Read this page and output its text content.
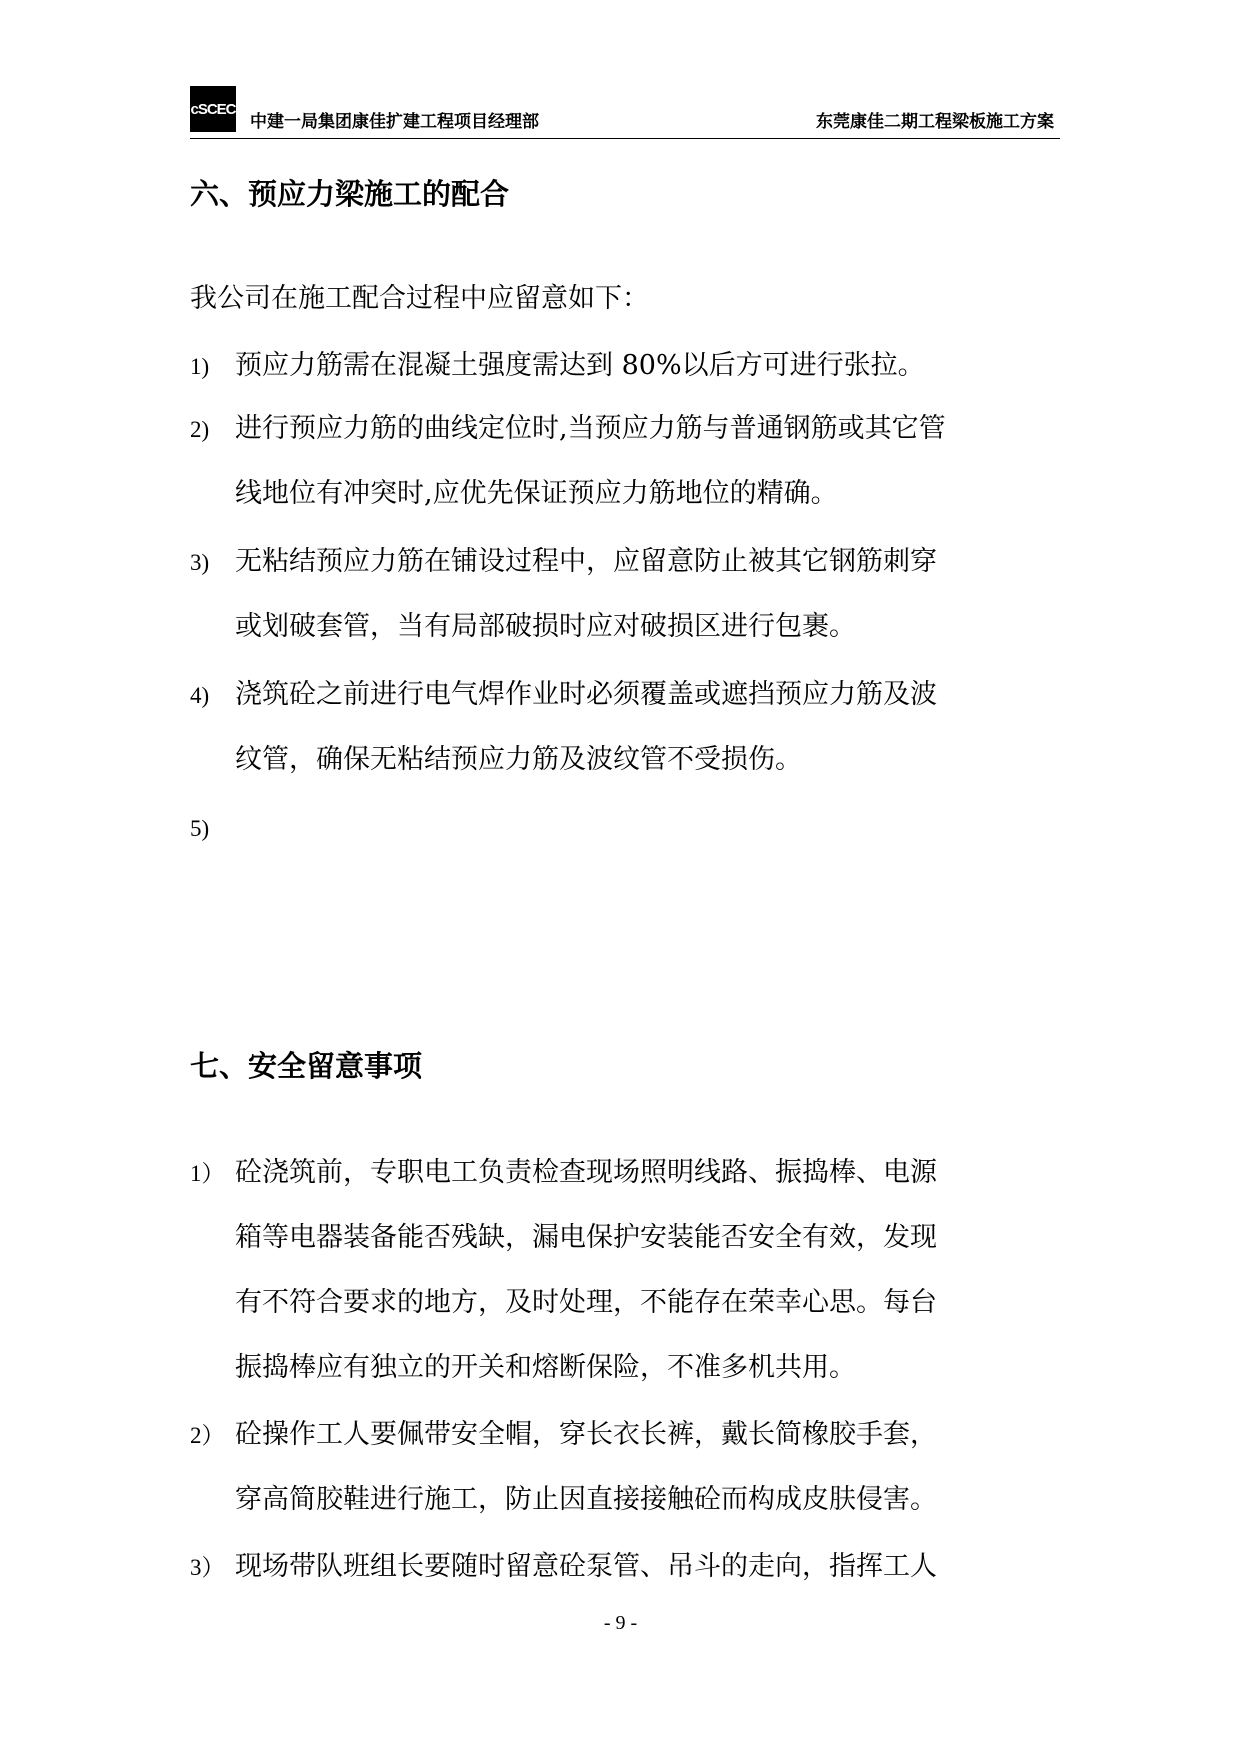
cSCEC
中建一局集团康佳扩建工程项目经理部	东莞康佳二期工程梁板施工方案
六、预应力梁施工的配合
我公司在施工配合过程中应留意如下：
1) 预应力筋需在混凝土强度需达到 80%以后方可进行张拉。
2) 进行预应力筋的曲线定位时,当预应力筋与普通钢筋或其它管
线地位有冲突时,应优先保证预应力筋地位的精确。
3) 无粘结预应力筋在铺设过程中，应留意防止被其它钢筋刺穿
或划破套管，当有局部破损时应对破损区进行包裹。
4) 浇筑砼之前进行电气焊作业时必须覆盖或遮挡预应力筋及波
纹管，确保无粘结预应力筋及波纹管不受损伤。
5)
七、安全留意事项
1） 砼浇筑前，专职电工负责检查现场照明线路、振捣棒、电源
箱等电器装备能否残缺，漏电保护安装能否安全有效，发现
有不符合要求的地方，及时处理，不能存在荣幸心思。每台
振捣棒应有独立的开关和熔断保险，不准多机共用。
2） 砼操作工人要佩带安全帽，穿长衣长裤，戴长简橡胶手套，
穿高简胶鞋进行施工，防止因直接接触砼而构成皮肤侵害。
3） 现场带队班组长要随时留意砼泵管、吊斗的走向，指挥工人
- 9 -
